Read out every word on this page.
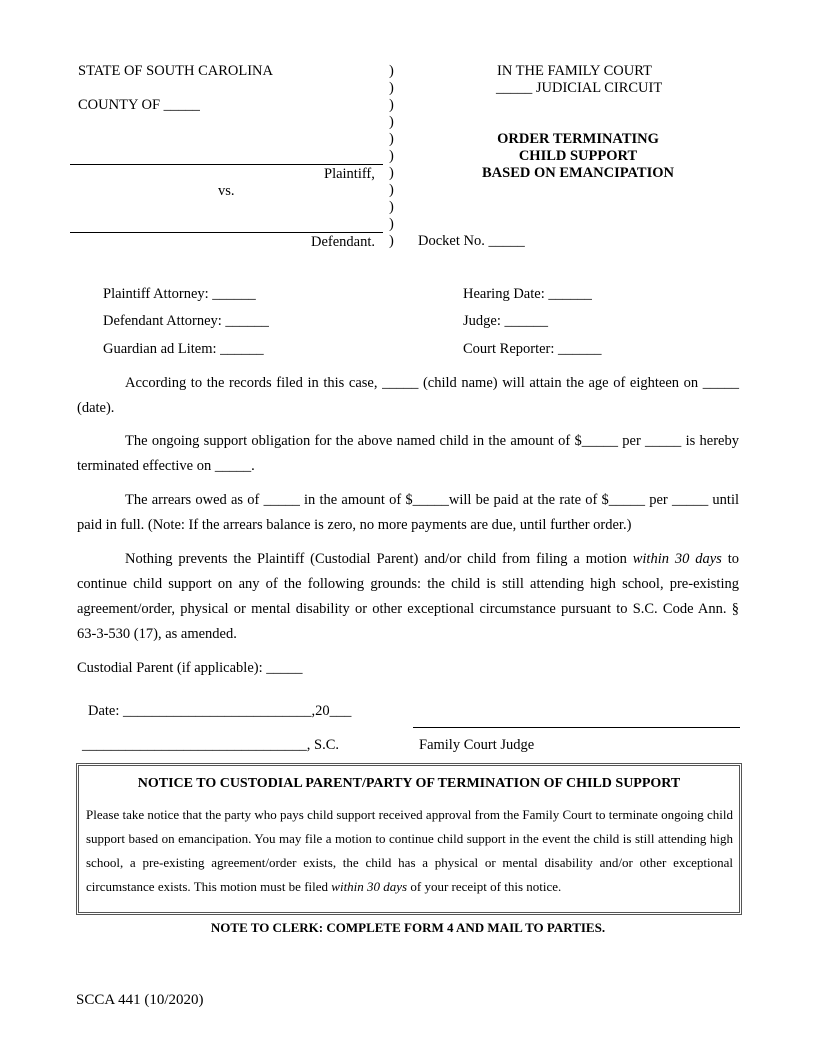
STATE OF SOUTH CAROLINA
COUNTY OF _____
Plaintiff,
vs.
Defendant.
)
)
)
)
)
)
)
)
)
)
)
IN THE FAMILY COURT
_____ JUDICIAL CIRCUIT
ORDER TERMINATING
CHILD SUPPORT
BASED ON EMANCIPATION
Docket No. _____
Plaintiff Attorney: ______
Defendant Attorney: ______
Guardian ad Litem: ______
Hearing Date: ______
Judge: ______
Court Reporter: ______
According to the records filed in this case, _____ (child name) will attain the age of eighteen on _____ (date).
The ongoing support obligation for the above named child in the amount of $_____ per _____ is hereby terminated effective on _____.
The arrears owed as of _____ in the amount of $_____will be paid at the rate of $_____ per _____ until paid in full. (Note: If the arrears balance is zero, no more payments are due, until further order.)
Nothing prevents the Plaintiff (Custodial Parent) and/or child from filing a motion within 30 days to continue child support on any of the following grounds: the child is still attending high school, pre-existing agreement/order, physical or mental disability or other exceptional circumstance pursuant to S.C. Code Ann. § 63-3-530 (17), as amended.
Custodial Parent (if applicable): _____
Date: __________________________,20___
_______________________________, S.C.	Family Court Judge
NOTICE TO CUSTODIAL PARENT/PARTY OF TERMINATION OF CHILD SUPPORT
Please take notice that the party who pays child support received approval from the Family Court to terminate ongoing child support based on emancipation. You may file a motion to continue child support in the event the child is still attending high school, a pre-existing agreement/order exists, the child has a physical or mental disability and/or other exceptional circumstance exists. This motion must be filed within 30 days of your receipt of this notice.
NOTE TO CLERK: COMPLETE FORM 4 AND MAIL TO PARTIES.
SCCA 441 (10/2020)
